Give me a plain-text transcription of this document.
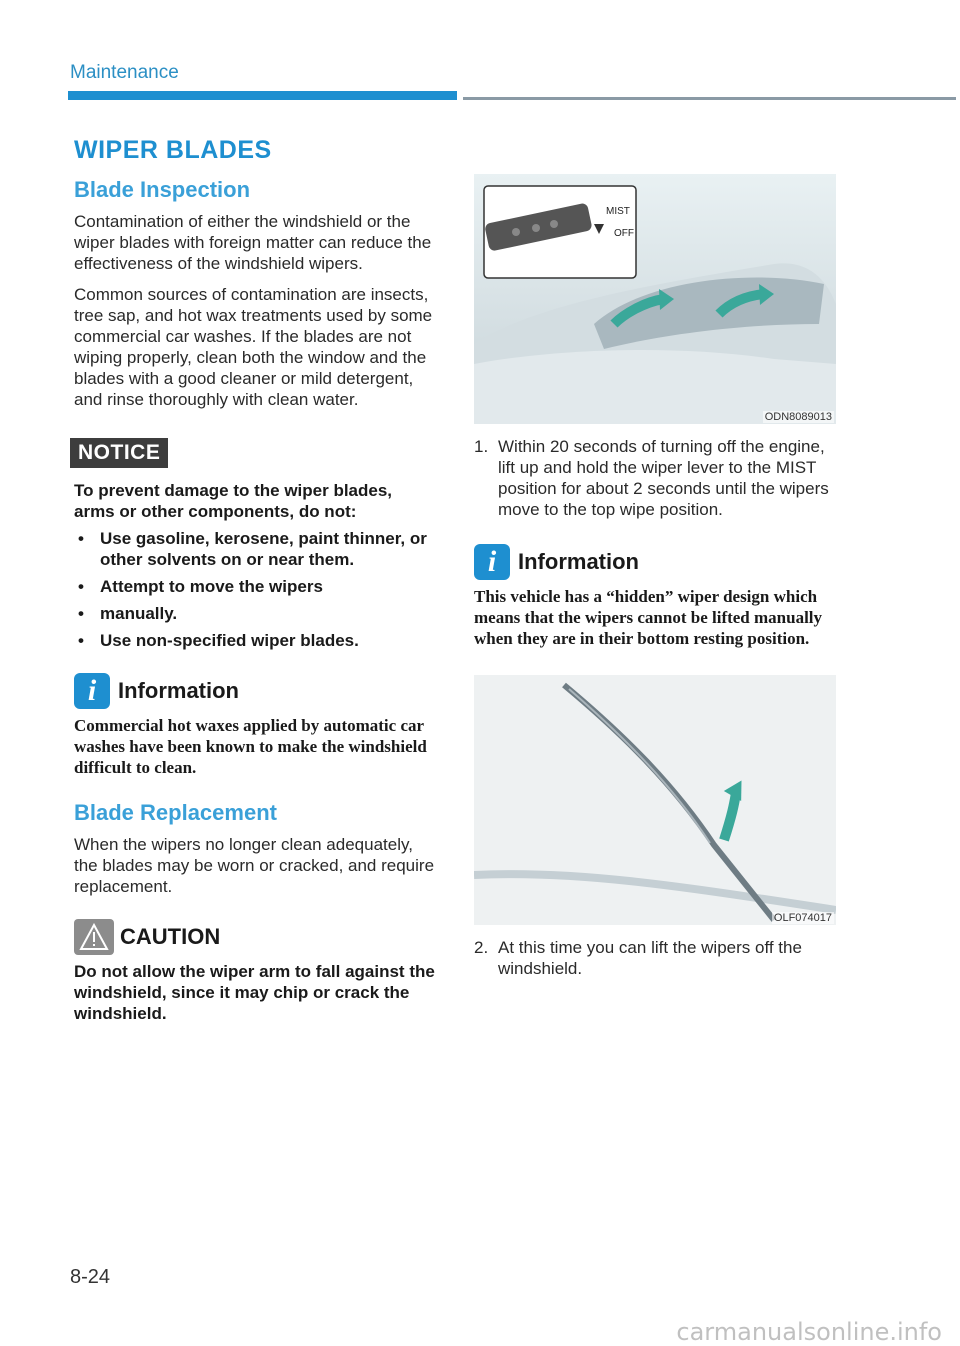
Maintenance
WIPER BLADES
Blade Inspection

Contamination of either the windshield or the wiper blades with foreign matter can reduce the effectiveness of the windshield wipers.

Common sources of contamination are insects, tree sap, and hot wax treatments used by some commercial car washes. If the blades are not wiping properly, clean both the window and the blades with a good cleaner or mild detergent, and rinse thoroughly with clean water.

NOTICE

To prevent damage to the wiper blades, arms or other components, do not:

• Use gasoline, kerosene, paint thinner, or other solvents on or near them.
• Attempt to move the wipers
• manually.
• Use non-specified wiper blades.
i Information

Commercial hot waxes applied by automatic car washes have been known to make the windshield difficult to clean.

Blade Replacement

When the wipers no longer clean adequately, the blades may be worn or cracked, and require replacement.

CAUTION

Do not allow the wiper arm to fall against the windshield, since it may chip or crack the windshield.

MIST
OFF
ODN8089013
1. Within 20 seconds of turning off the engine, lift up and hold the wiper lever to the MIST position for about 2 seconds until the wipers move to the top wipe position.
i Information

This vehicle has a “hidden” wiper design which means that the wipers cannot be lifted manually when they are in their bottom resting position.

OLF074017
2. At this time you can lift the wipers off the windshield.
8-24
carmanualsonline.info
